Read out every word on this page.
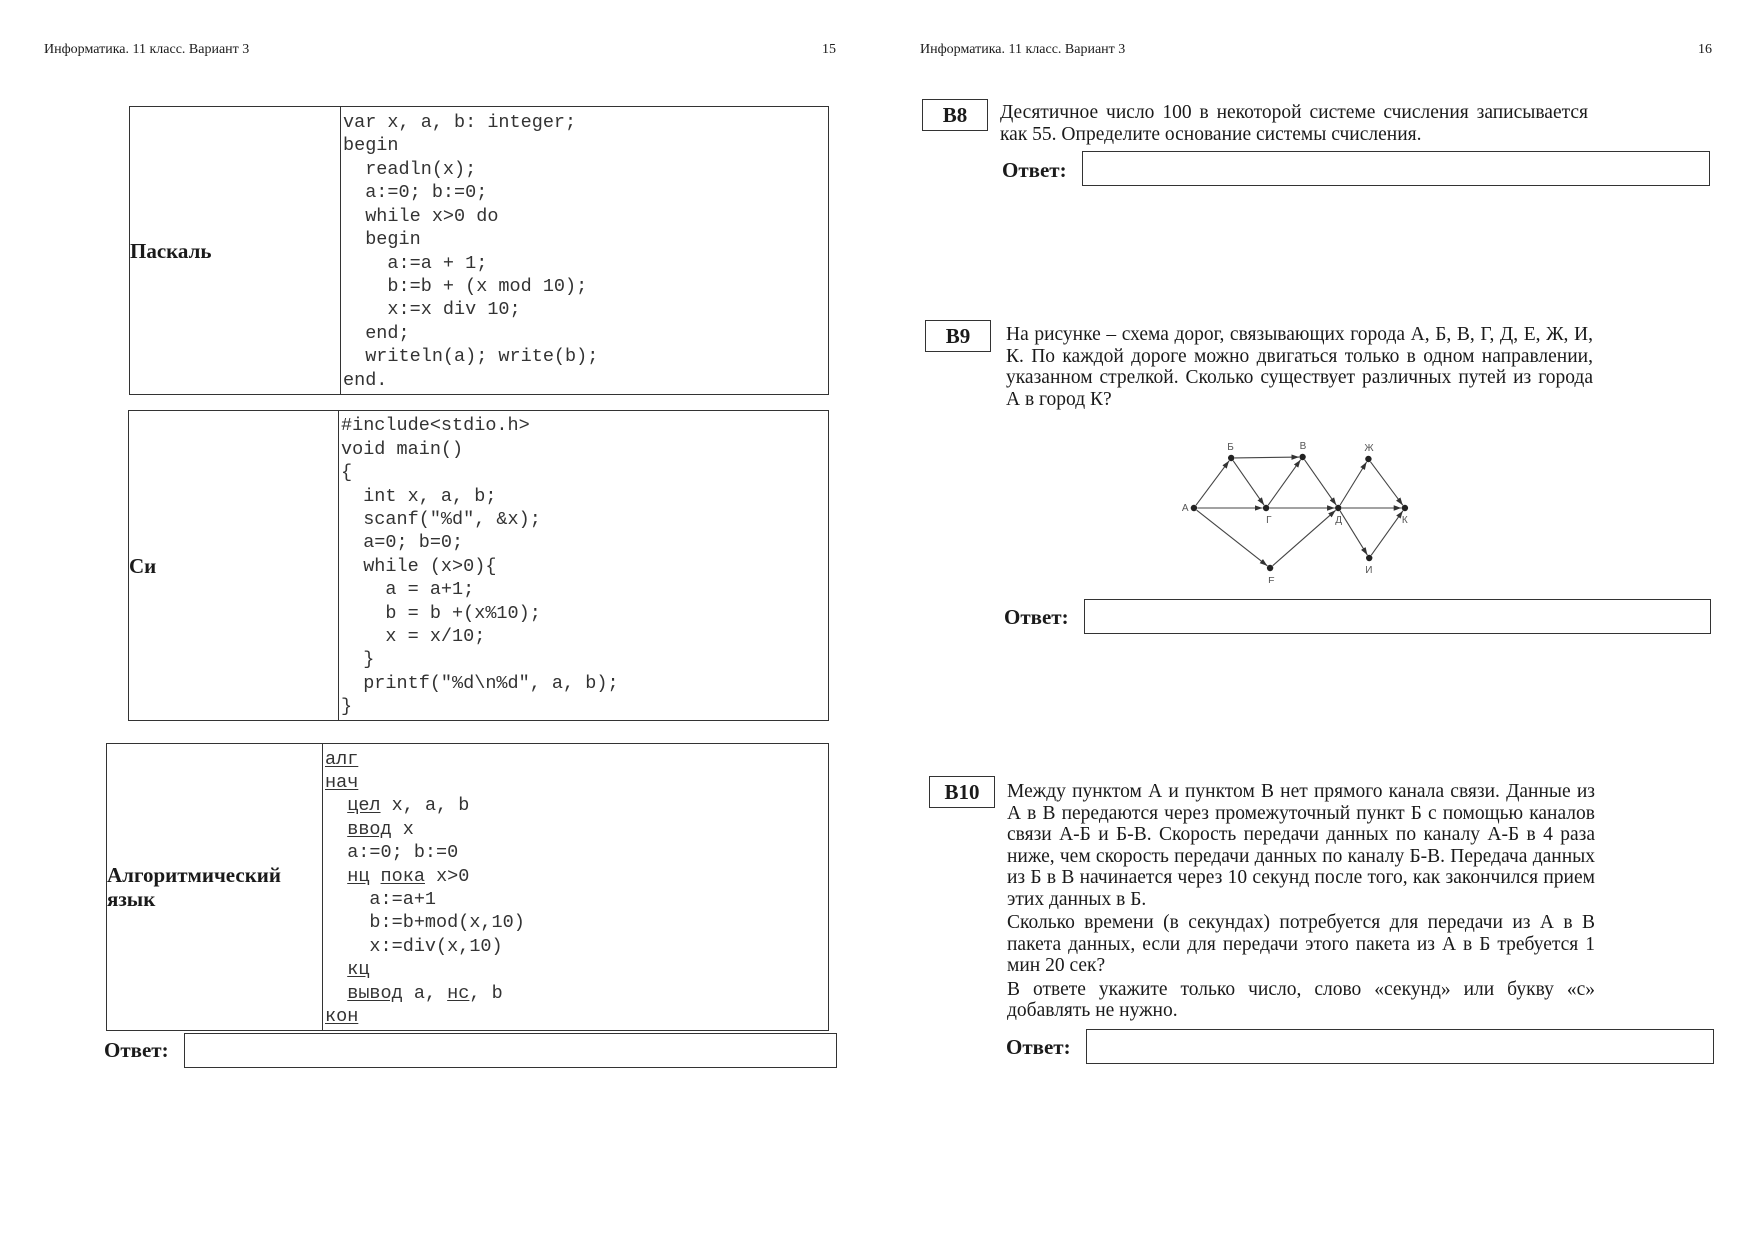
Информатика. 11 класс. Вариант 3	15
Паскаль	
var x, a, b: integer;
begin
readln(x);
a:=0; b:=0;
while x>0 do
begin
a:=a + 1;
b:=b + (x mod 10);
x:=x div 10;
end;
writeln(a); write(b);
end.
Си	
#include<stdio.h>
void main()
{
int x, a, b;
scanf("%d", &x);
a=0; b=0;
while (x>0){
a = a+1;
b = b +(x%10);
x = x/10;
}
printf("%d\n%d", a, b);
}
Алгоритмический
язык	
алг
нач
цел x, a, b
ввод x
a:=0; b:=0
нц пока x>0
a:=a+1
b:=b+mod(x,10)
x:=div(x,10)
кц
вывод a, нс, b
кон
Ответ:
Информатика. 11 класс. Вариант 3	16
B8	Десятичное число 100 в некоторой системе счисления записывается как 55. Определите основание системы счисления.

Ответ:
B9	На рисунке – схема дорог, связывающих города А, Б, В, Г, Д, Е, Ж, И, К. По каждой дороге можно двигаться только в одном направлении, указанном стрелкой. Сколько существует различных путей из города А в город К?

А
Б	В
Г	Д
Е
Ж
И
К
Ответ:
B10	Между пунктом А и пунктом В нет прямого канала связи. Данные из А в В передаются через промежуточный пункт Б с помощью каналов связи А-Б и Б-В. Скорость передачи данных по каналу А-Б в 4 раза ниже, чем скорость передачи данных по каналу Б-В. Передача данных из Б в В начинается через 10 секунд после того, как закончился прием этих данных в Б.

Сколько времени (в секундах) потребуется для передачи из А в В пакета данных, если для передачи этого пакета из А в Б требуется 1 мин 20 сек?

В ответе укажите только число, слово «секунд» или букву «с» добавлять не нужно.

Ответ:
